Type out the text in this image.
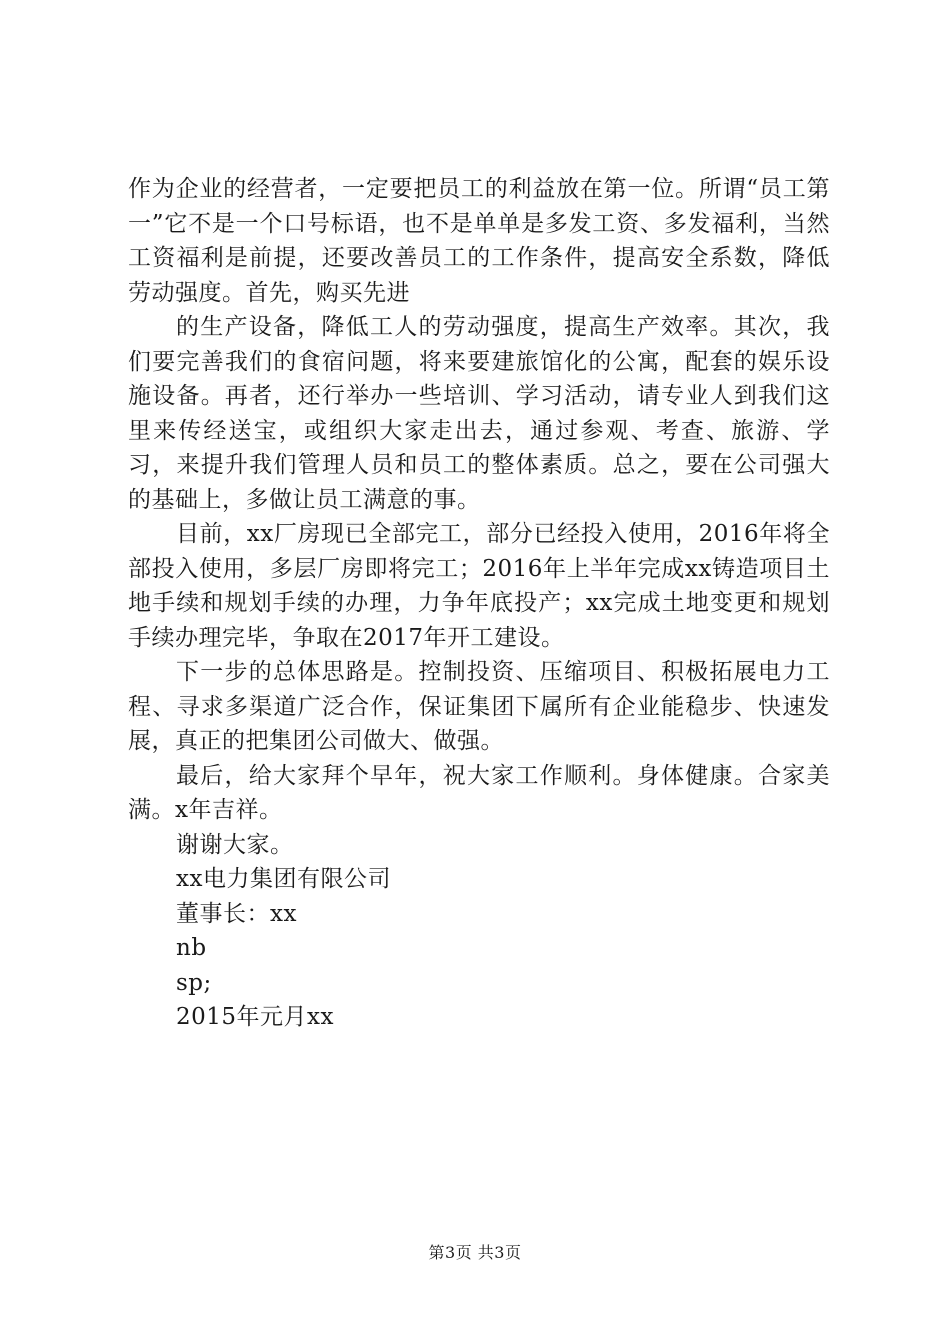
作为企业的经营者，一定要把员工的利益放在第一位。所谓“员工第一”它不是一个口号标语，也不是单单是多发工资、多发福利，当然工资福利是前提，还要改善员工的工作条件，提高安全系数，降低劳动强度。首先，购买先进

的生产设备，降低工人的劳动强度，提高生产效率。其次，我们要完善我们的食宿问题，将来要建旅馆化的公寓，配套的娱乐设施设备。再者，还行举办一些培训、学习活动，请专业人到我们这里来传经送宝，或组织大家走出去，通过参观、考查、旅游、学习，来提升我们管理人员和员工的整体素质。总之，要在公司强大的基础上，多做让员工满意的事。

目前，xx厂房现已全部完工，部分已经投入使用，2016年将全部投入使用，多层厂房即将完工；2016年上半年完成xx铸造项目土地手续和规划手续的办理，力争年底投产；xx完成土地变更和规划手续办理完毕，争取在2017年开工建设。

下一步的总体思路是。控制投资、压缩项目、积极拓展电力工程、寻求多渠道广泛合作，保证集团下属所有企业能稳步、快速发展，真正的把集团公司做大、做强。

最后，给大家拜个早年，祝大家工作顺利。身体健康。合家美满。x年吉祥。

谢谢大家。

xx电力集团有限公司

董事长：xx

nb

sp;

2015年元月xx

第3页 共3页
